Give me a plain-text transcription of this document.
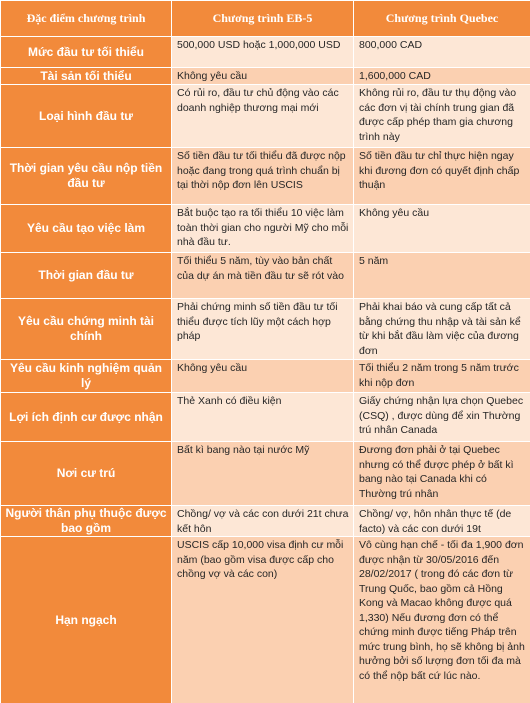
Đặc điểm chương trình	Chương trình EB-5	Chương trình Quebec
Mức đầu tư tối thiểu	500,000 USD hoặc 1,000,000 USD	800,000 CAD
Tài sản tối thiểu	Không yêu cầu	1,600,000 CAD
Loại hình đầu tư	Có rủi ro, đầu tư chủ động vào các doanh nghiệp thương mại mới	Không rủi ro, đầu tư thụ động vào các đơn vị tài chính trung gian đã được cấp phép tham gia chương trình này
Thời gian yêu cầu nộp tiền đầu tư	Số tiền đầu tư tối thiểu đã được nộp hoặc đang trong quá trình chuẩn bị tại thời nộp đơn lên USCIS	Số tiền đầu tư chỉ thực hiện ngay khi đương đơn có quyết định chấp thuận
Yêu cầu tạo việc làm	Bắt buộc tạo ra tối thiểu 10 việc làm toàn thời gian cho người Mỹ cho mỗi nhà đầu tư.	Không yêu cầu
Thời gian đầu tư	Tối thiểu 5 năm, tùy vào bản chất của dự án mà tiền đầu tư sẽ rót vào	5 năm
Yêu cầu chứng minh tài chính	Phải chứng minh số tiền đầu tư tối thiểu được tích lũy một cách hợp pháp	Phải khai báo và cung cấp tất cả bằng chứng thu nhập và tài sản kể từ khi bắt đầu làm việc của đương đơn
Yêu cầu kinh nghiệm quản lý	Không yêu cầu	Tối thiểu 2 năm trong 5 năm trước khi nộp đơn
Lợi ích định cư được nhận	Thẻ Xanh có điều kiện	Giấy chứng nhận lựa chọn Quebec (CSQ) , được dùng để xin Thường trú nhân Canada
Nơi cư trú	Bất kì bang nào tại nước Mỹ	Đương đơn phải ở tại Quebec nhưng có thể được phép ở bất kì bang nào tại Canada khi có Thường trú nhân
Người thân phụ thuộc được bao gồm	Chồng/ vợ và các con dưới 21t chưa kết hôn	Chồng/ vợ, hôn nhân thực tế (de facto) và các con dưới 19t
Hạn ngạch	USCIS cấp 10,000 visa định cư mỗi năm (bao gồm visa được cấp cho chồng vợ và các con)	Vô cùng hạn chế - tối đa 1,900 đơn được nhận từ 30/05/2016 đến 28/02/2017 ( trong đó các đơn từ Trung Quốc, bao gồm cả Hồng Kong và Macao không được quá 1,330) Nếu đương đơn có thể chứng minh được tiếng Pháp trên mức trung bình, họ sẽ không bị ảnh hưởng bởi số lượng đơn tối đa mà có thể nộp bất cứ lúc nào.
